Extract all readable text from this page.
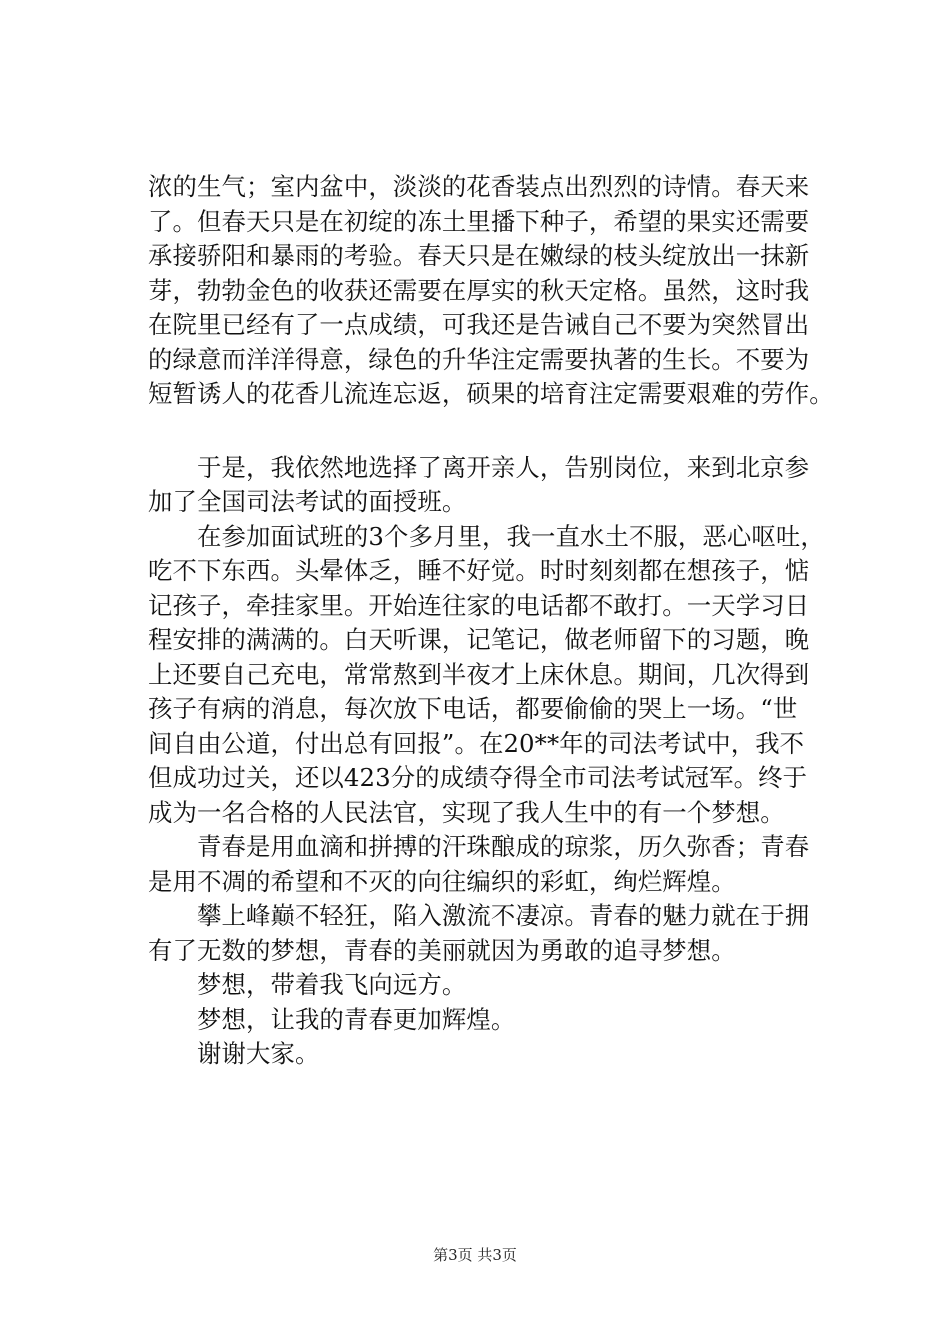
浓的生气；室内盆中，淡淡的花香装点出烈烈的诗情。春天来
了。但春天只是在初绽的冻土里播下种子，希望的果实还需要
承接骄阳和暴雨的考验。春天只是在嫩绿的枝头绽放出一抹新
芽，勃勃金色的收获还需要在厚实的秋天定格。虽然，这时我
在院里已经有了一点成绩，可我还是告诫自己不要为突然冒出
的绿意而洋洋得意，绿色的升华注定需要执著的生长。不要为
短暂诱人的花香儿流连忘返，硕果的培育注定需要艰难的劳作。
　　于是，我依然地选择了离开亲人，告别岗位，来到北京参
加了全国司法考试的面授班。
　　在参加面试班的3个多月里，我一直水土不服，恶心呕吐，
吃不下东西。头晕体乏，睡不好觉。时时刻刻都在想孩子，惦
记孩子，牵挂家里。开始连往家的电话都不敢打。一天学习日
程安排的满满的。白天听课，记笔记，做老师留下的习题，晚
上还要自己充电，常常熬到半夜才上床休息。期间，几次得到
孩子有病的消息，每次放下电话，都要偷偷的哭上一场。“世
间自由公道，付出总有回报”。在20**年的司法考试中，我不
但成功过关，还以423分的成绩夺得全市司法考试冠军。终于
成为一名合格的人民法官，实现了我人生中的有一个梦想。
　　青春是用血滴和拼搏的汗珠酿成的琼浆，历久弥香；青春
是用不凋的希望和不灭的向往编织的彩虹，绚烂辉煌。
　　攀上峰巅不轻狂，陷入激流不凄凉。青春的魅力就在于拥
有了无数的梦想，青春的美丽就因为勇敢的追寻梦想。
　　梦想，带着我飞向远方。
　　梦想，让我的青春更加辉煌。
　　谢谢大家。
第3页 共3页
